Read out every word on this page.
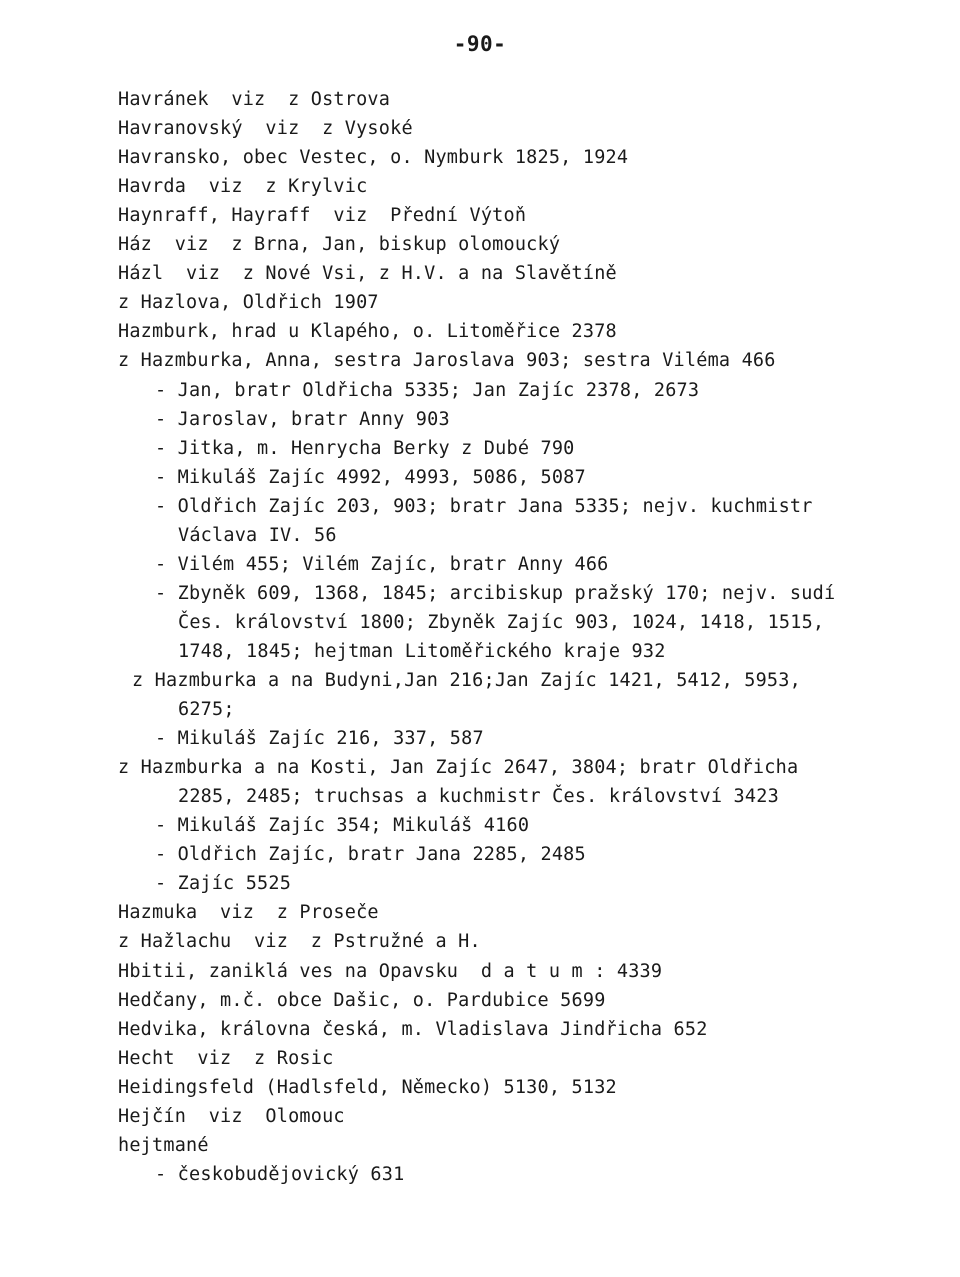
-90-
Havránek  viz  z Ostrova
Havranovský  viz  z Vysoké
Havransko, obec Vestec, o. Nymburk 1825, 1924
Havrda  viz  z Krylvic
Haynraff, Hayraff  viz  Přední Výtoň
Ház  viz  z Brna, Jan, biskup olomoucký
Házl  viz  z Nové Vsi, z H.V. a na Slavětíně
z Hazlova, Oldřich 1907
Hazmburk, hrad u Klapého, o. Litoměřice 2378
z Hazmburka, Anna, sestra Jaroslava 903; sestra Viléma 466
- Jan, bratr Oldřicha 5335; Jan Zajíc 2378, 2673
- Jaroslav, bratr Anny 903
- Jitka, m. Henrycha Berky z Dubé 790
- Mikuláš Zajíc 4992, 4993, 5086, 5087
- Oldřich Zajíc 203, 903; bratr Jana 5335; nejv. kuchmistr
Václava IV. 56
- Vilém 455; Vilém Zajíc, bratr Anny 466
- Zbyněk 609, 1368, 1845; arcibiskup pražský 170; nejv. sudí
Čes. království 1800; Zbyněk Zajíc 903, 1024, 1418, 1515,
1748, 1845; hejtman Litoměřického kraje 932
z Hazmburka a na Budyni,Jan 216;Jan Zajíc 1421, 5412, 5953,
6275;
- Mikuláš Zajíc 216, 337, 587
z Hazmburka a na Kosti, Jan Zajíc 2647, 3804; bratr Oldřicha
2285, 2485; truchsas a kuchmistr Čes. království 3423
- Mikuláš Zajíc 354; Mikuláš 4160
- Oldřich Zajíc, bratr Jana 2285, 2485
- Zajíc 5525
Hazmuka  viz  z Proseče
z Hažlachu  viz  z Pstružné a H.
Hbitii, zaniklá ves na Opavsku  d a t u m : 4339
Hedčany, m.č. obce Dašic, o. Pardubice 5699
Hedvika, královna česká, m. Vladislava Jindřicha 652
Hecht  viz  z Rosic
Heidingsfeld (Hadlsfeld, Německo) 5130, 5132
Hejčín  viz  Olomouc
hejtmané
- českobudějovický 631
